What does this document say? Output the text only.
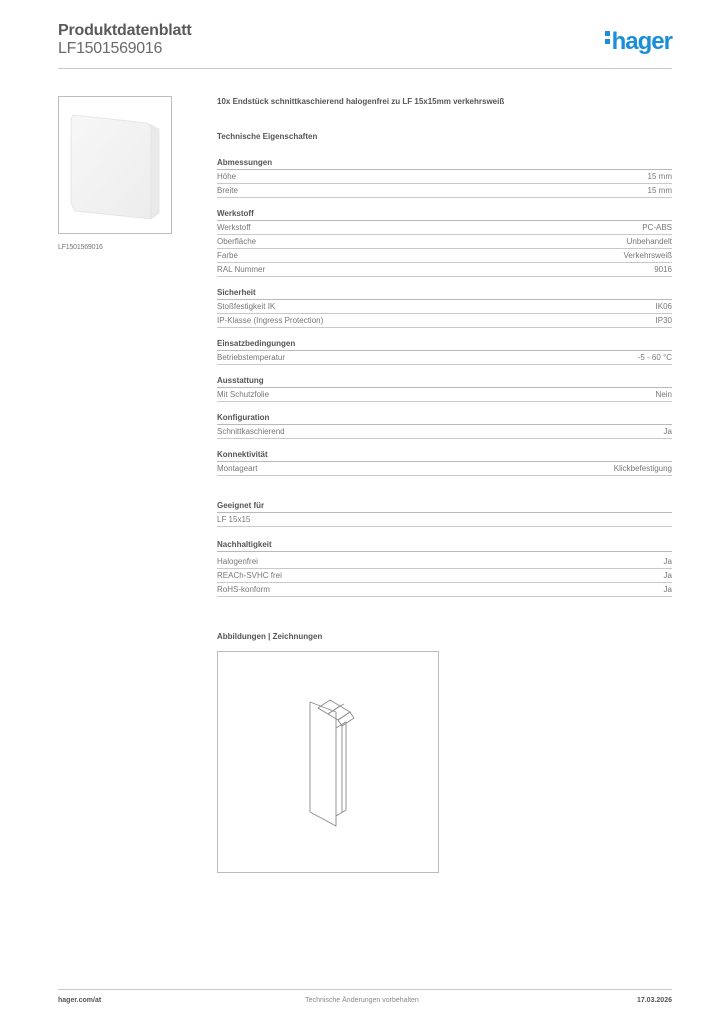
Produktdatenblatt
LF1501569016	hager
LF1501569016
10x Endstück schnittkaschierend halogenfrei zu LF 15x15mm verkehrsweiß
Technische Eigenschaften
Abmessungen
Höhe	15 mm
Breite	15 mm
Werkstoff
Werkstoff	PC-ABS
Oberfläche	Unbehandelt
Farbe	Verkehrsweiß
RAL Nummer	9016
Sicherheit
Stoßfestigkeit IK	IK06
IP-Klasse (Ingress Protection)	IP30
Einsatzbedingungen
Betriebstemperatur	-5 - 60 °C
Ausstattung
Mit Schutzfolie	Nein
Konfiguration
Schnittkaschierend	Ja
Konnektivität
Montageart	Klickbefestigung
Geeignet für
LF 15x15
Nachhaltigkeit
Halogenfrei	Ja
REACh-SVHC frei	Ja
RoHS-konform	Ja
Abbildungen | Zeichnungen
hager.com/at	Technische Änderungen vorbehalten	17.03.2026
